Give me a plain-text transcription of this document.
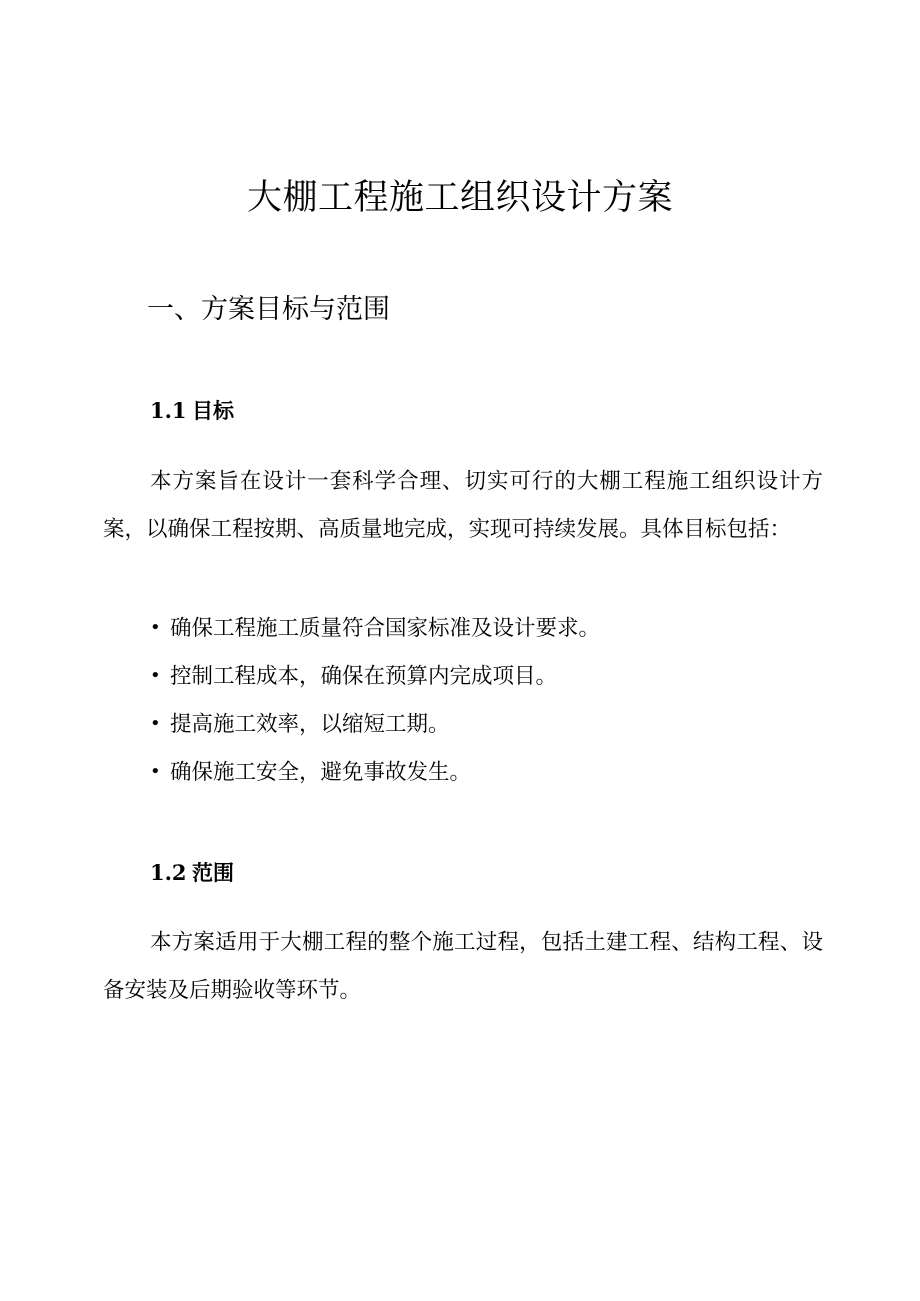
大棚工程施工组织设计方案
一、方案目标与范围
1.1 目标

本方案旨在设计一套科学合理、切实可行的大棚工程施工组织设计方案，以确保工程按期、高质量地完成，实现可持续发展。具体目标包括：

• 确保工程施工质量符合国家标准及设计要求。
• 控制工程成本，确保在预算内完成项目。
• 提高施工效率，以缩短工期。
• 确保施工安全，避免事故发生。
1.2 范围

本方案适用于大棚工程的整个施工过程，包括土建工程、结构工程、设备安装及后期验收等环节。
